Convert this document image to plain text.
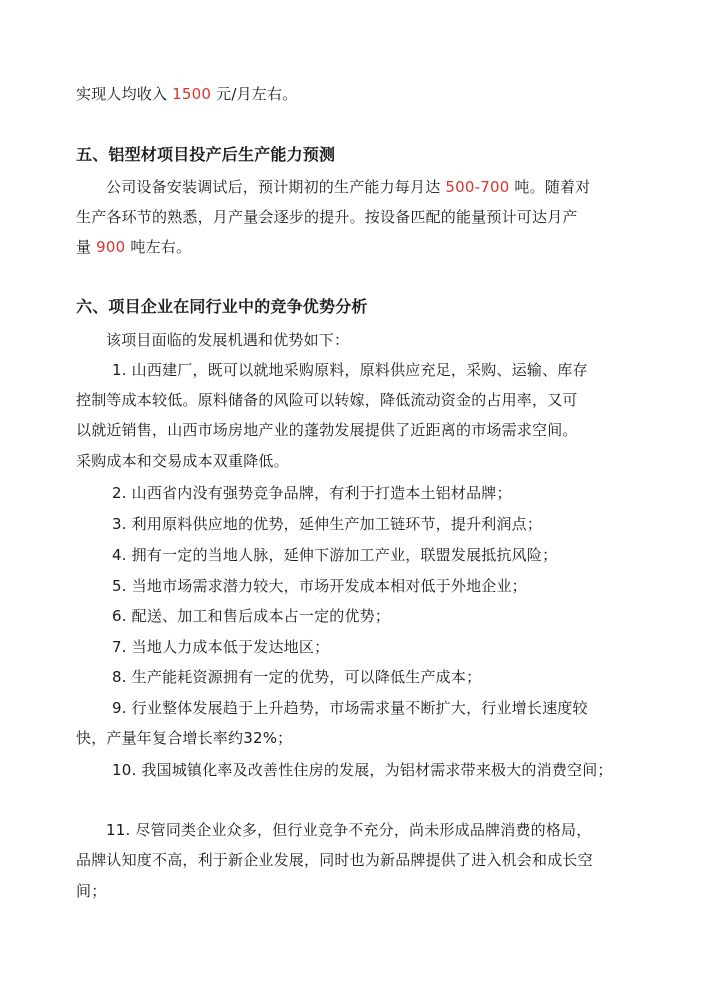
实现人均收入 1500 元/月左右。
五、铝型材项目投产后生产能力预测
公司设备安装调试后，预计期初的生产能力每月达 500-700 吨。随着对
生产各环节的熟悉，月产量会逐步的提升。按设备匹配的能量预计可达月产
量 900 吨左右。
六、项目企业在同行业中的竞争优势分析
该项目面临的发展机遇和优势如下：
1. 山西建厂，既可以就地采购原料，原料供应充足，采购、运输、库存
控制等成本较低。原料储备的风险可以转嫁，降低流动资金的占用率，又可
以就近销售，山西市场房地产业的蓬勃发展提供了近距离的市场需求空间。
采购成本和交易成本双重降低。
2. 山西省内没有强势竞争品牌，有利于打造本土铝材品牌；
3. 利用原料供应地的优势，延伸生产加工链环节，提升利润点；
4. 拥有一定的当地人脉，延伸下游加工产业，联盟发展抵抗风险；
5. 当地市场需求潜力较大，市场开发成本相对低于外地企业；
6. 配送、加工和售后成本占一定的优势；
7. 当地人力成本低于发达地区；
8. 生产能耗资源拥有一定的优势，可以降低生产成本；
9. 行业整体发展趋于上升趋势，市场需求量不断扩大，行业增长速度较
快，产量年复合增长率约32%；
10. 我国城镇化率及改善性住房的发展，为铝材需求带来极大的消费空间；
11. 尽管同类企业众多，但行业竞争不充分，尚未形成品牌消费的格局，
品牌认知度不高，利于新企业发展，同时也为新品牌提供了进入机会和成长空
间；
